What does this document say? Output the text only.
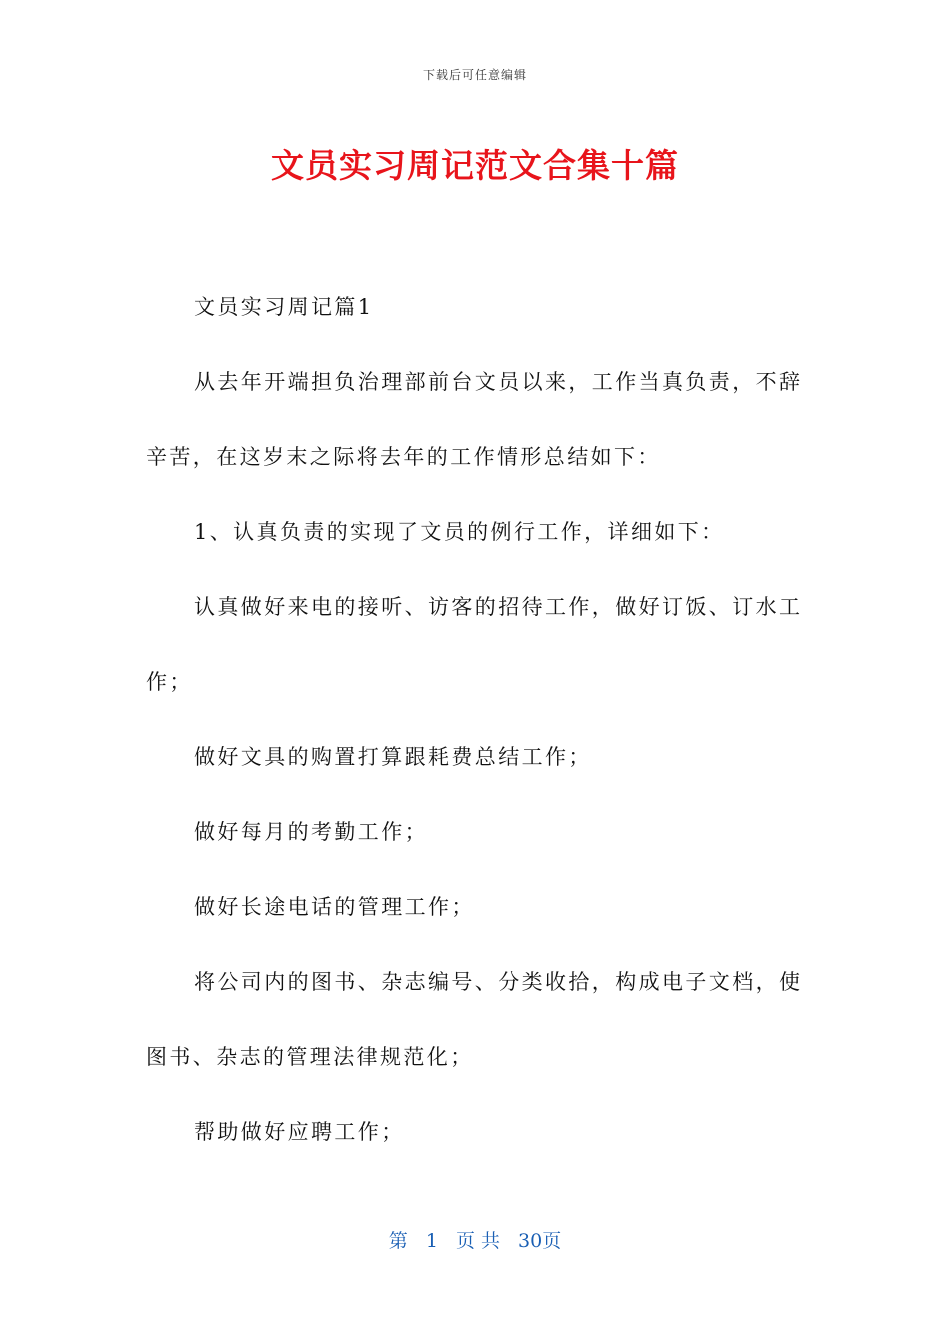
下载后可任意编辑
文员实习周记范文合集十篇

文员实习周记篇1

从去年开端担负治理部前台文员以来，工作当真负责，不辞辛苦，在这岁末之际将去年的工作情形总结如下：

1、认真负责的实现了文员的例行工作，详细如下：

认真做好来电的接听、访客的招待工作，做好订饭、订水工作；

做好文具的购置打算跟耗费总结工作；

做好每月的考勤工作；

做好长途电话的管理工作；

将公司内的图书、杂志编号、分类收拾，构成电子文档，使图书、杂志的管理法律规范化；

帮助做好应聘工作；

第 1 页 共 30页
